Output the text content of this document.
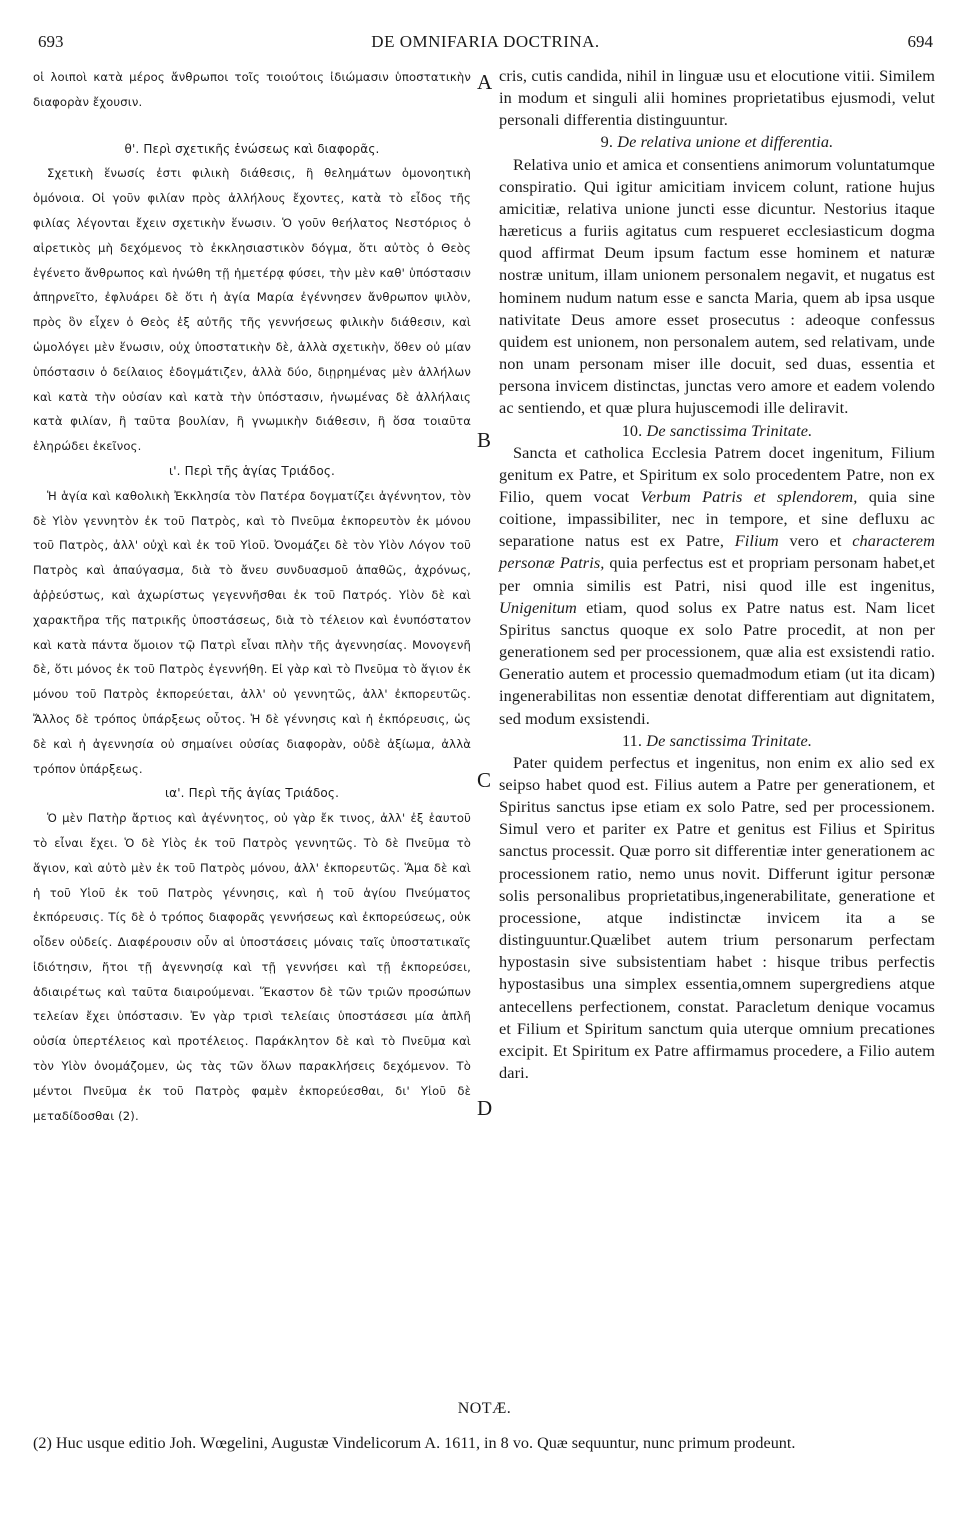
693	DE OMNIFARIA DOCTRINA.	694
A
B
C
D

οἱ λοιποὶ κατὰ μέρος ἄνθρωποι τοῖς τοιούτοις ἰδιώμασιν ὑποστατικὴν διαφορὰν ἔχουσιν.

θ'. Περὶ σχετικῆς ἑνώσεως καὶ διαφορᾶς.

Σχετικὴ ἕνωσίς ἐστι φιλικὴ διάθεσις, ἢ θελημάτων ὁμονοητικὴ ὁμόνοια. Οἱ γοῦν φιλίαν πρὸς ἀλλήλους ἔχοντες, κατὰ τὸ εἶδος τῆς φιλίας λέγονται ἔχειν σχετικὴν ἕνωσιν. Ὁ γοῦν θεήλατος Νεστόριος ὁ αἱρετικὸς μὴ δεχόμενος τὸ ἐκκλησιαστικὸν δόγμα, ὅτι αὐτὸς ὁ Θεὸς ἐγένετο ἄνθρωπος καὶ ἡνώθη τῇ ἡμετέρᾳ φύσει, τὴν μὲν καθ' ὑπόστασιν ἀπηρνεῖτο, ἐφλυάρει δὲ ὅτι ἡ ἁγία Μαρία ἐγέννησεν ἄνθρωπον ψιλὸν, πρὸς ὃν εἶχεν ὁ Θεὸς ἐξ αὐτῆς τῆς γεννήσεως φιλικὴν διάθεσιν, καὶ ὡμολόγει μὲν ἕνωσιν, οὐχ ὑποστατικὴν δὲ, ἀλλὰ σχετικὴν, ὅθεν οὐ μίαν ὑπόστασιν ὁ δείλαιος ἐδογμάτιζεν, ἀλλὰ δύο, διῃρημένας μὲν ἀλλήλων καὶ κατὰ τὴν οὐσίαν καὶ κατὰ τὴν ὑπόστασιν, ἡνωμένας δὲ ἀλλήλαις κατὰ φιλίαν, ἢ ταῦτα βουλίαν, ἢ γνωμικὴν διάθεσιν, ἢ ὅσα τοιαῦτα ἐληρώδει ἐκεῖνος.

ι'. Περὶ τῆς ἁγίας Τριάδος.

Ἡ ἁγία καὶ καθολικὴ Ἐκκλησία τὸν Πατέρα δογματίζει ἀγέννητον, τὸν δὲ Υἱὸν γεννητὸν ἐκ τοῦ Πατρὸς, καὶ τὸ Πνεῦμα ἐκπορευτὸν ἐκ μόνου τοῦ Πατρὸς, ἀλλ' οὐχὶ καὶ ἐκ τοῦ Υἱοῦ. Ὀνομάζει δὲ τὸν Υἱὸν Λόγον τοῦ Πατρὸς καὶ ἀπαύγασμα, διὰ τὸ ἄνευ συνδυασμοῦ ἀπαθῶς, ἀχρόνως, ἀῤῥεύστως, καὶ ἀχωρίστως γεγεννῆσθαι ἐκ τοῦ Πατρός. Υἱὸν δὲ καὶ χαρακτῆρα τῆς πατρικῆς ὑποστάσεως, διὰ τὸ τέλειον καὶ ἐνυπόστατον καὶ κατὰ πάντα ὅμοιον τῷ Πατρὶ εἶναι πλὴν τῆς ἀγεννησίας. Μονογενῆ δὲ, ὅτι μόνος ἐκ τοῦ Πατρὸς ἐγεννήθη. Εἰ γὰρ καὶ τὸ Πνεῦμα τὸ ἅγιον ἐκ μόνου τοῦ Πατρὸς ἐκπορεύεται, ἀλλ' οὐ γεννητῶς, ἀλλ' ἐκπορευτῶς. Ἄλλος δὲ τρόπος ὑπάρξεως οὗτος. Ἡ δὲ γέννησις καὶ ἡ ἐκπόρευσις, ὡς δὲ καὶ ἡ ἀγεννησία οὐ σημαίνει οὐσίας διαφορὰν, οὐδὲ ἀξίωμα, ἀλλὰ τρόπον ὑπάρξεως.

ια'. Περὶ τῆς ἁγίας Τριάδος.

Ὁ μὲν Πατὴρ ἄρτιος καὶ ἀγέννητος, οὐ γὰρ ἔκ τινος, ἀλλ' ἐξ ἑαυτοῦ τὸ εἶναι ἔχει. Ὁ δὲ Υἱὸς ἐκ τοῦ Πατρὸς γεννητῶς. Τὸ δὲ Πνεῦμα τὸ ἅγιον, καὶ αὐτὸ μὲν ἐκ τοῦ Πατρὸς μόνου, ἀλλ' ἐκπορευτῶς. Ἅμα δὲ καὶ ἡ τοῦ Υἱοῦ ἐκ τοῦ Πατρὸς γέννησις, καὶ ἡ τοῦ ἁγίου Πνεύματος ἐκπόρευσις. Τίς δὲ ὁ τρόπος διαφορᾶς γεννήσεως καὶ ἐκπορεύσεως, οὐκ οἶδεν οὐδείς. Διαφέρουσιν οὖν αἱ ὑποστάσεις μόναις ταῖς ὑποστατικαῖς ἰδιότησιν, ἤτοι τῇ ἀγεννησίᾳ καὶ τῇ γεννήσει καὶ τῇ ἐκπορεύσει, ἀδιαιρέτως καὶ ταῦτα διαιρούμεναι. Ἕκαστον δὲ τῶν τριῶν προσώπων τελείαν ἔχει ὑπόστασιν. Ἐν γὰρ τρισὶ τελείαις ὑποστάσεσι μία ἁπλῆ οὐσία ὑπερτέλειος καὶ προτέλειος. Παράκλητον δὲ καὶ τὸ Πνεῦμα καὶ τὸν Υἱὸν ὀνομάζομεν, ὡς τὰς τῶν ὅλων παρακλήσεις δεχόμενον. Τὸ μέντοι Πνεῦμα ἐκ τοῦ Πατρὸς φαμὲν ἐκπορεύεσθαι, δι' Υἱοῦ δὲ μεταδίδοσθαι (2).

cris, cutis candida, nihil in linguæ usu et elocutione vitii. Similem in modum et singuli alii homines proprietatibus ejusmodi, velut personali differentia distinguuntur.

9. De relativa unione et differentia.

Relativa unio et amica et consentiens animorum voluntatumque conspiratio. Qui igitur amicitiam invicem colunt, ratione hujus amicitiæ, relativa unione juncti esse dicuntur. Nestorius itaque hæreticus a furiis agitatus cum respueret ecclesiasticum dogma quod affirmat Deum ipsum factum esse hominem et naturæ nostræ unitum, illam unionem personalem negavit, et nugatus est hominem nudum natum esse e sancta Maria, quem ab ipsa usque nativitate Deus amore esset prosecutus : adeoque confessus quidem est unionem, non personalem autem, sed relativam, unde non unam personam miser ille docuit, sed duas, essentia et persona invicem distinctas, junctas vero amore et eadem volendo ac sentiendo, et quæ plura hujuscemodi ille deliravit.

10. De sanctissima Trinitate.

Sancta et catholica Ecclesia Patrem docet ingenitum, Filium genitum ex Patre, et Spiritum ex solo procedentem Patre, non ex Filio, quem vocat Verbum Patris et splendorem, quia sine coitione, impassibiliter, nec in tempore, et sine defluxu ac separatione natus est ex Patre, Filium vero et characterem personæ Patris, quia perfectus est et propriam personam habet,et per omnia similis est Patri, nisi quod ille est ingenitus, Unigenitum etiam, quod solus ex Patre natus est. Nam licet Spiritus sanctus quoque ex solo Patre procedit, at non per generationem sed per processionem, quæ alia est exsistendi ratio. Generatio autem et processio quemadmodum etiam (ut ita dicam) ingenerabilitas non essentiæ denotat differentiam aut dignitatem, sed modum exsistendi.

11. De sanctissima Trinitate.

Pater quidem perfectus et ingenitus, non enim ex alio sed ex seipso habet quod est. Filius autem a Patre per generationem, et Spiritus sanctus ipse etiam ex solo Patre, sed per processionem. Simul vero et pariter ex Patre et genitus est Filius et Spiritus sanctus processit. Quæ porro sit differentiæ inter generationem ac processionem ratio, nemo unus novit. Differunt igitur personæ solis personalibus proprietatibus,ingenerabilitate, generatione et processione, atque indistinctæ invicem ita a se distinguuntur.Quælibet autem trium personarum perfectam hypostasin sive subsistentiam habet : hisque tribus perfectis hypostasibus una simplex essentia,omnem supergrediens atque antecellens perfectionem, constat. Paracletum denique vocamus et Filium et Spiritum sanctum quia uterque omnium precationes excipit. Et Spiritum ex Patre affirmamus procedere, a Filio autem dari.

NOTÆ.

(2) Huc usque editio Joh. Wœgelini, Augustæ Vindelicorum A. 1611, in 8 vo. Quæ sequuntur, nunc primum prodeunt.
